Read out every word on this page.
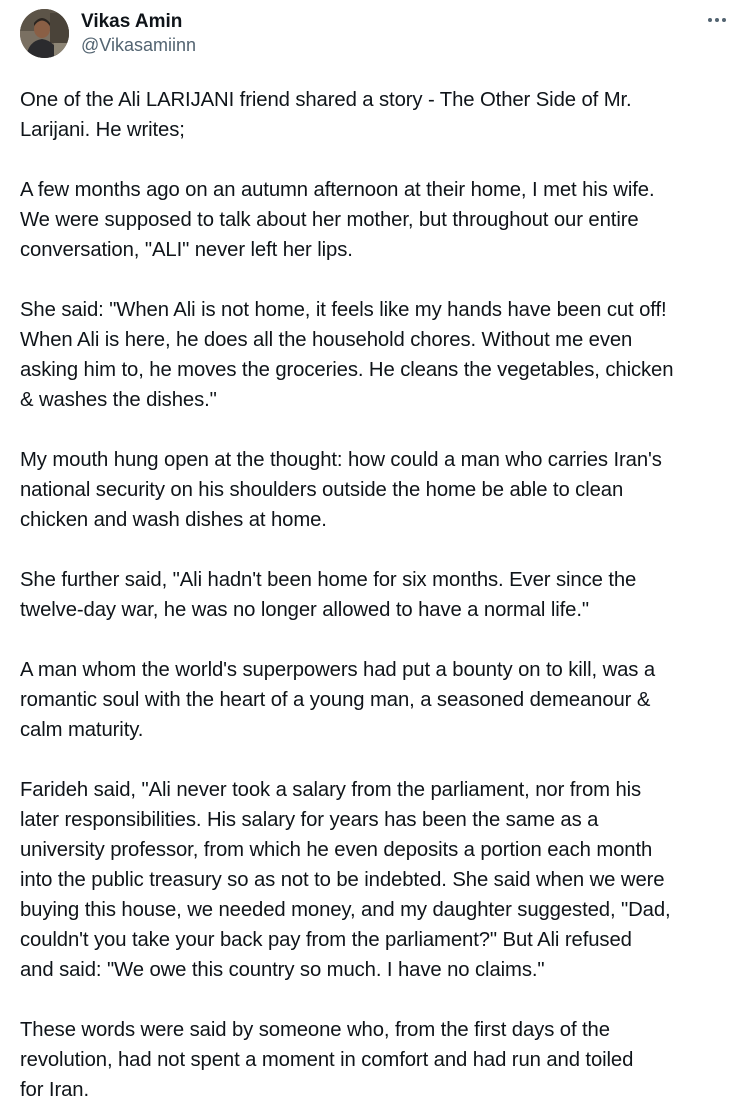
Vikas Amin
@Vikasamiinn
One of the Ali LARIJANI friend shared a story - The Other Side of Mr.
Larijani. He writes;
A few months ago on an autumn afternoon at their home, I met his wife.
We were supposed to talk about her mother, but throughout our entire
conversation, "ALI" never left her lips.
She said: "When Ali is not home, it feels like my hands have been cut off!
When Ali is here, he does all the household chores. Without me even
asking him to, he moves the groceries. He cleans the vegetables, chicken
& washes the dishes."
My mouth hung open at the thought: how could a man who carries Iran's
national security on his shoulders outside the home be able to clean
chicken and wash dishes at home.
She further said, "Ali hadn't been home for six months. Ever since the
twelve-day war, he was no longer allowed to have a normal life."
A man whom the world's superpowers had put a bounty on to kill, was a
romantic soul with the heart of a young man, a seasoned demeanour &
calm maturity.
Farideh said, "Ali never took a salary from the parliament, nor from his
later responsibilities. His salary for years has been the same as a
university professor, from which he even deposits a portion each month
into the public treasury so as not to be indebted. She said when we were
buying this house, we needed money, and my daughter suggested, "Dad,
couldn't you take your back pay from the parliament?" But Ali refused
and said: "We owe this country so much. I have no claims."
These words were said by someone who, from the first days of the
revolution, had not spent a moment in comfort and had run and toiled
for Iran.
